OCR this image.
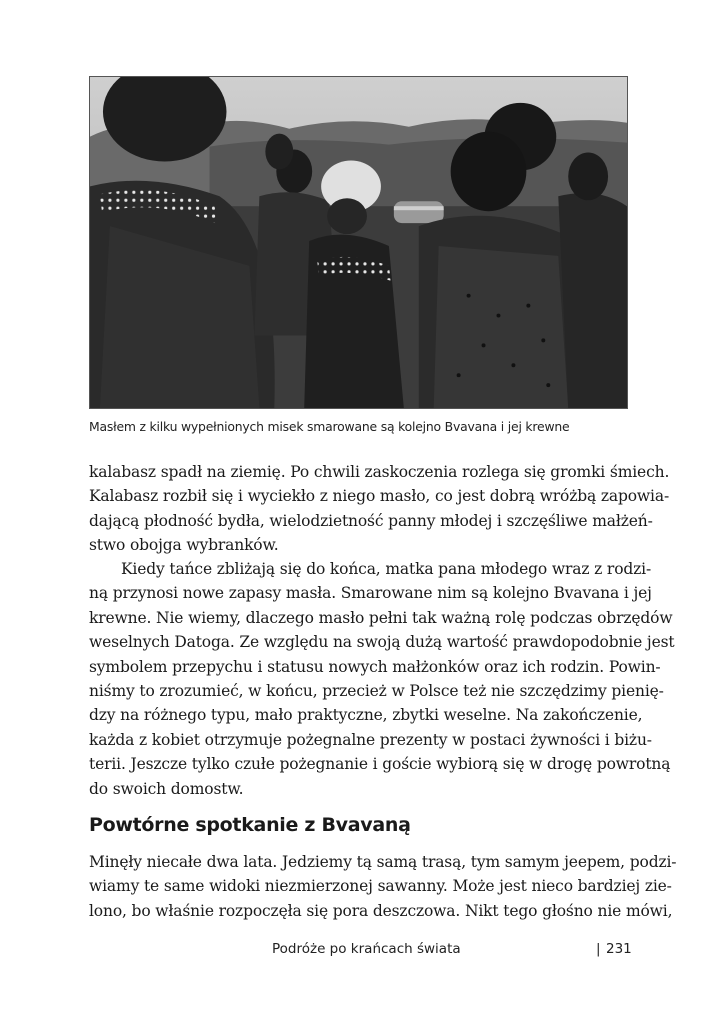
Masłem z kilku wypełnionych misek smarowane są kolejno Bvavana i jej krewne

kalabasz spadł na ziemię. Po chwili zaskoczenia rozlega się gromki śmiech.
Kalabasz rozbił się i wyciekło z niego masło, co jest dobrą wróżbą zapowia-
dającą płodność bydła, wielodzietność panny młodej i szczęśliwe małżeń-
stwo obojga wybranków.

Kiedy tańce zbliżają się do końca, matka pana młodego wraz z rodzi-
ną przynosi nowe zapasy masła. Smarowane nim są kolejno Bvavana i jej
krewne. Nie wiemy, dlaczego masło pełni tak ważną rolę podczas obrzędów
weselnych Datoga. Ze względu na swoją dużą wartość prawdopodobnie jest
symbolem przepychu i statusu nowych małżonków oraz ich rodzin. Powin-
niśmy to zrozumieć, w końcu, przecież w Polsce też nie szczędzimy pienię-
dzy na różnego typu, mało praktyczne, zbytki weselne. Na zakończenie,
każda z kobiet otrzymuje pożegnalne prezenty w postaci żywności i biżu-
terii. Jeszcze tylko czułe pożegnanie i goście wybiorą się w drogę powrotną
do swoich domostw.

Powtórne spotkanie z Bvavaną

Minęły niecałe dwa lata. Jedziemy tą samą trasą, tym samym jeepem, podzi-
wiamy te same widoki niezmierzonej sawanny. Może jest nieco bardziej zie-
lono, bo właśnie rozpoczęła się pora deszczowa. Nikt tego głośno nie mówi,

Podróże po krańcach świata	| 231
